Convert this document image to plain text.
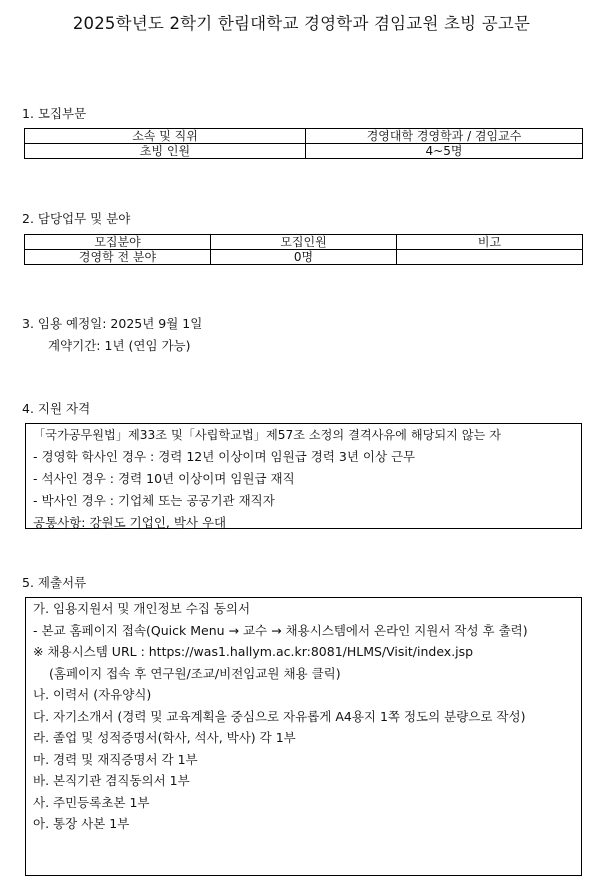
2025학년도 2학기 한림대학교 경영학과 겸임교원 초빙 공고문
1. 모집부문
소속 및 직위	경영대학 경영학과 / 겸임교수
초빙 인원	4~5명
2. 담당업무 및 분야
모집분야	모집인원	비고
경영학 전 분야	0명	
3. 임용 예정일: 2025년 9월 1일
계약기간: 1년 (연임 가능)
4. 지원 자격
「국가공무원법」제33조 및「사립학교법」제57조 소정의 결격사유에 해당되지 않는 자
- 경영학 학사인 경우 : 경력 12년 이상이며 임원급 경력 3년 이상 근무
- 석사인 경우 : 경력 10년 이상이며 임원급 재직
- 박사인 경우 : 기업체 또는 공공기관 재직자
공통사항: 강원도 기업인, 박사 우대
5. 제출서류
가. 임용지원서 및 개인정보 수집 동의서
- 본교 홈페이지 접속(Quick Menu → 교수 → 채용시스템에서 온라인 지원서 작성 후 출력)
※ 채용시스템 URL : https://was1.hallym.ac.kr:8081/HLMS/Visit/index.jsp
(홈페이지 접속 후 연구원/조교/비전임교원 채용 클릭)
나. 이력서 (자유양식)
다. 자기소개서 (경력 및 교육계획을 중심으로 자유롭게 A4용지 1쪽 정도의 분량으로 작성)
라. 졸업 및 성적증명서(학사, 석사, 박사) 각 1부
마. 경력 및 재직증명서 각 1부
바. 본직기관 겸직동의서 1부
사. 주민등록초본 1부
아. 통장 사본 1부
